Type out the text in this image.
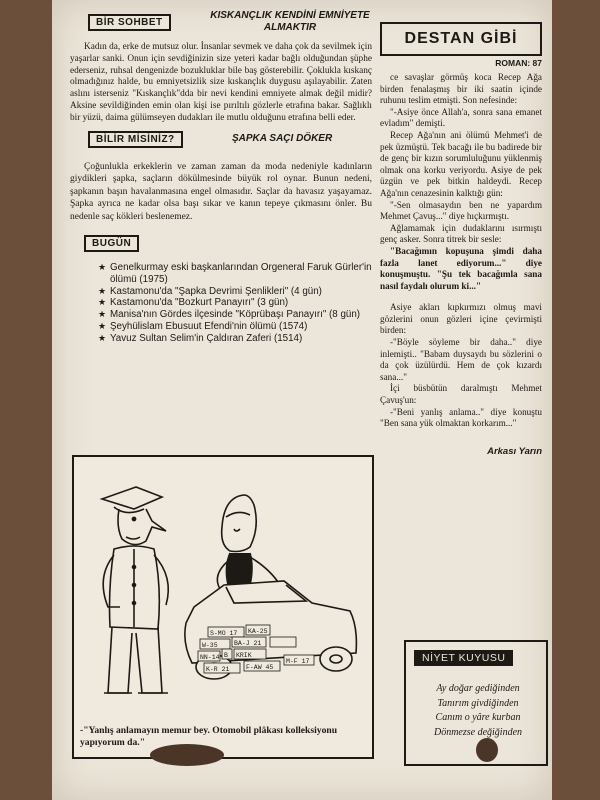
BİR SOHBET
KISKANÇLIK KENDİNİ EMNİYETE ALMAKTIR

Kadın da, erke de mutsuz olur. İnsanlar sevmek ve daha çok da sevilmek için yaşarlar sanki. Onun için sevdiğinizin size yeteri kadar bağlı olduğundan şüphe ederseniz, ruhsal dengenizde bozukluklar bile baş gösterebilir. Çoklukla kıskanç olmadığınız halde, bu emniyetsizlik size kıskançlık duygusu aşılayabilir. Zaten aslını isterseniz "Kıskançlık"dda bir nevi kendini emniyete almak değil midir? Aksine sevildiğinden emin olan kişi ise pırıltılı gözlerle etrafına bakar. Sağlıklı bir yüzü, daima gülümseyen dudakları ile mutlu olduğunu etrafına belli eder.

BİLİR MİSİNİZ?	ŞAPKA SAÇI DÖKER

Çoğunlukla erkeklerin ve zaman zaman da moda nedeniyle kadınların giydikleri şapka, saçların dökülmesinde büyük rol oynar. Bunun nedeni, şapkanın başın havalanmasına engel olmasıdır. Saçlar da havasız yaşayamaz. Şapka ayrıca ne kadar olsa başı sıkar ve kanın tepeye çıkmasını önler. Bu nedenle saç kökleri beslenemez.

BUGÜN
★ Genelkurmay eski başkanlarından Orgeneral Faruk Gürler'in ölümü (1975)
★ Kastamonu'da "Şapka Devrimi Şenlikleri" (4 gün)
★ Kastamonu'da "Bozkurt Panayırı" (3 gün)
★ Manisa'nın Gördes ilçesinde "Köprübaşı Panayırı" (8 gün)
★ Şeyhülislam Ebusuut Efendi'nin ölümü (1574)
★ Yavuz Sultan Selim'in Çaldıran Zaferi (1514)
S-MO 17 KA-25
W-35	BA-J 21
NN-14 B KRIK
M-F 17
K-R 21	F-AW 45
-"Yanlış anlamayın memur bey. Otomobil plâkası kolleksiyonu yapıyorum da."
DESTAN GİBİ
ROMAN: 87

ce savaşlar görmüş koca Recep Ağa birden fenalaşmış bir iki saatin içinde ruhunu teslim etmişti. Son nefesinde:

"-Asiye önce Allah'a, sonra sana emanet evladım" demişti.

Recep Ağa'nın ani ölümü Mehmet'i de pek üzmüştü. Tek bacağı ile bu badirede bir de genç bir kızın sorumluluğunu yüklenmiş olmak ona korku veriyordu. Asiye de pek üzgün ve pek bitkin haldeydi. Recep Ağa'nın cenazesinin kalktığı gün:

"-Sen olmasaydın ben ne yapardım Mehmet Çavuş..." diye hıçkırmıştı.

Ağlamamak için dudaklarını ısırmıştı genç asker. Sonra titrek bir sesle:

"Bacağımın kopuşuna şimdi daha fazla lanet ediyorum..." diye konuşmuştu. "Şu tek bacağımla sana nasıl faydalı olurum ki..."

Asiye akları kıpkırmızı olmuş mavi gözlerini onun gözleri içine çevirmişti birden:

-"Böyle söyleme bir daha.." diye inlemişti.. "Babam duysaydı bu sözlerini o da çok üzülürdü. Hem de çok kızardı sana..."

İçi büsbütün daralmıştı Mehmet Çavuş'un:

-"Beni yanlış anlama.." diye konuştu "Ben sana yük olmaktan korkarım..."

Arkası Yarın
NİYET KUYUSU
Ay doğar gediğinden
Tanırım givdiğinden
Canım o yâre kurban
Dönmezse değiğinden
